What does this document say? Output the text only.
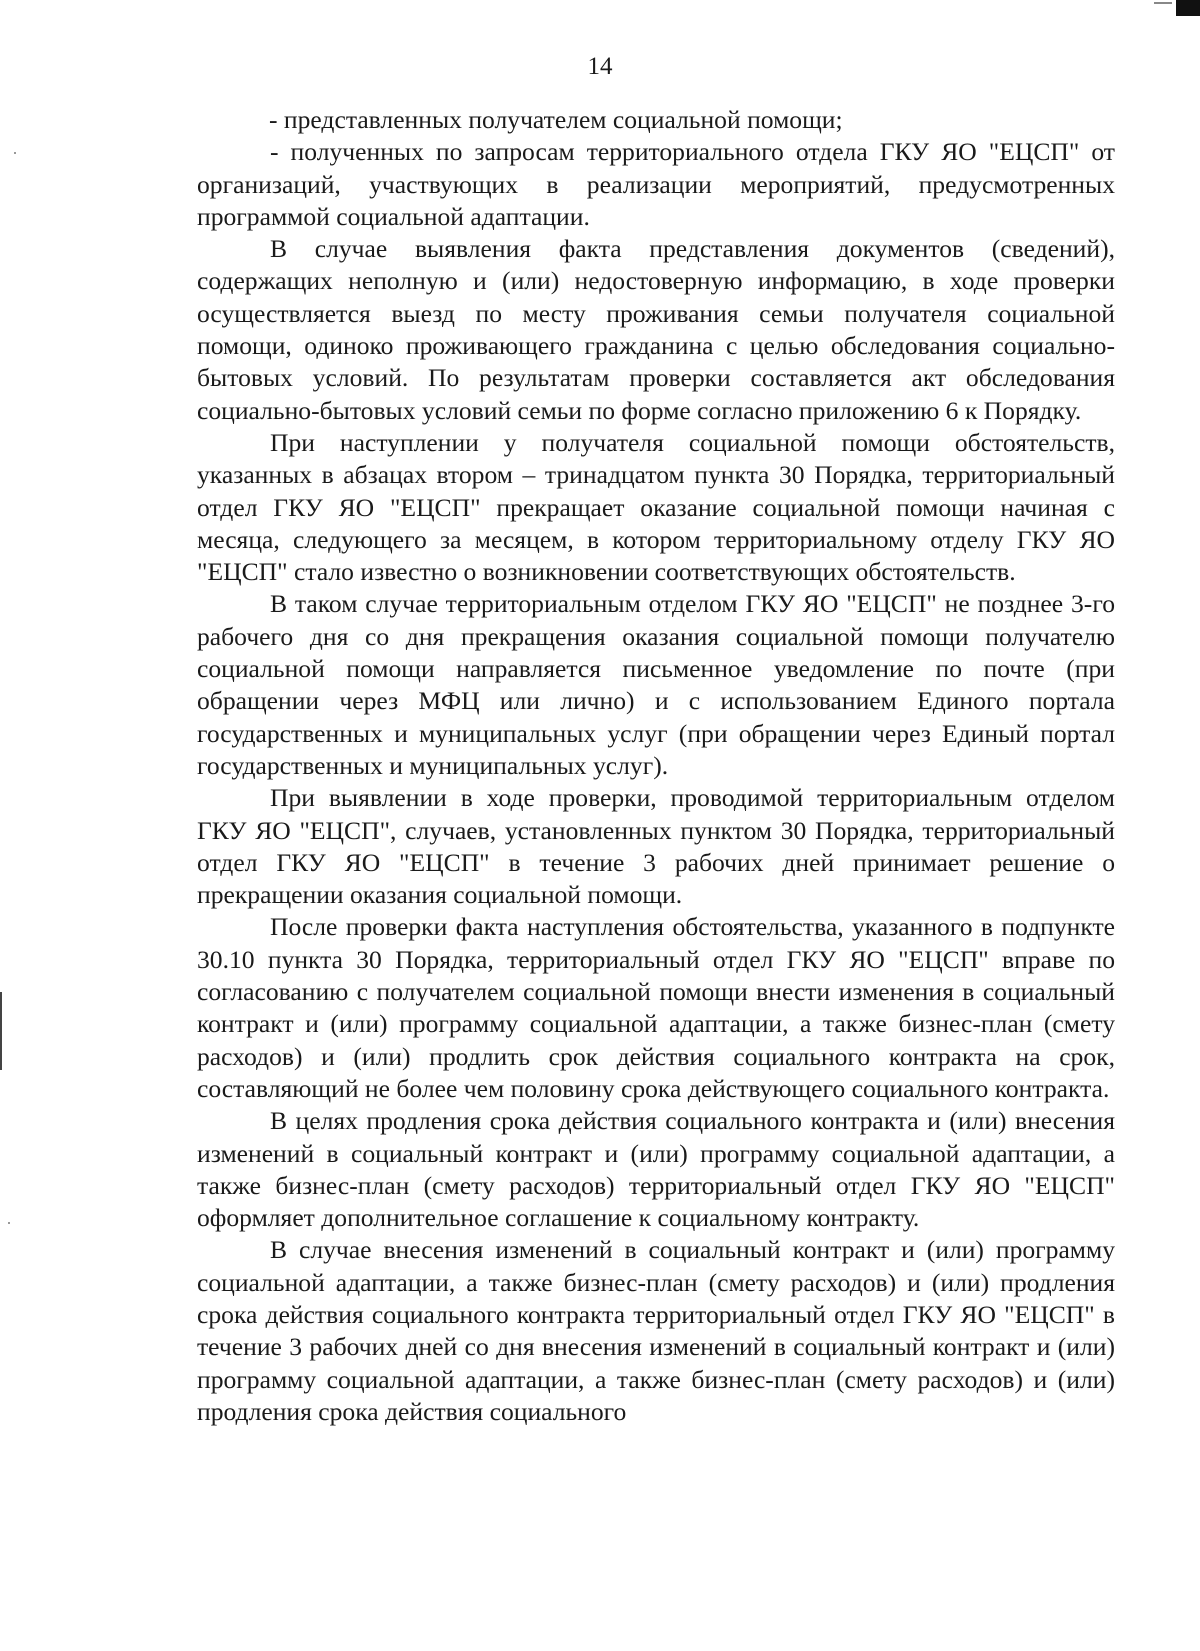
14

- представленных получателем социальной помощи;

- полученных по запросам территориального отдела ГКУ ЯО "ЕЦСП" от организаций, участвующих в реализации мероприятий, предусмотренных программой социальной адаптации.

В случае выявления факта представления документов (сведений), содержащих неполную и (или) недостоверную информацию, в ходе проверки осуществляется выезд по месту проживания семьи получателя социальной помощи, одиноко проживающего гражданина с целью обследования социально-бытовых условий. По результатам проверки составляется акт обследования социально-бытовых условий семьи по форме согласно приложению 6 к Порядку.

При наступлении у получателя социальной помощи обстоятельств, указанных в абзацах втором – тринадцатом пункта 30 Порядка, территориальный отдел ГКУ ЯО "ЕЦСП" прекращает оказание социальной помощи начиная с месяца, следующего за месяцем, в котором территориальному отделу ГКУ ЯО "ЕЦСП" стало известно о возникновении соответствующих обстоятельств.

В таком случае территориальным отделом ГКУ ЯО "ЕЦСП" не позднее 3-го рабочего дня со дня прекращения оказания социальной помощи получателю социальной помощи направляется письменное уведомление по почте (при обращении через МФЦ или лично) и с использованием Единого портала государственных и муниципальных услуг (при обращении через Единый портал государственных и муниципальных услуг).

При выявлении в ходе проверки, проводимой территориальным отделом ГКУ ЯО "ЕЦСП", случаев, установленных пунктом 30 Порядка, территориальный отдел ГКУ ЯО "ЕЦСП" в течение 3 рабочих дней принимает решение о прекращении оказания социальной помощи.

После проверки факта наступления обстоятельства, указанного в подпункте 30.10 пункта 30 Порядка, территориальный отдел ГКУ ЯО "ЕЦСП" вправе по согласованию с получателем социальной помощи внести изменения в социальный контракт и (или) программу социальной адаптации, а также бизнес-план (смету расходов) и (или) продлить срок действия социального контракта на срок, составляющий не более чем половину срока действующего социального контракта.

В целях продления срока действия социального контракта и (или) внесения изменений в социальный контракт и (или) программу социальной адаптации, а также бизнес-план (смету расходов) территориальный отдел ГКУ ЯО "ЕЦСП" оформляет дополнительное соглашение к социальному контракту.

В случае внесения изменений в социальный контракт и (или) программу социальной адаптации, а также бизнес-план (смету расходов) и (или) продления срока действия социального контракта территориальный отдел ГКУ ЯО "ЕЦСП" в течение 3 рабочих дней со дня внесения изменений в социальный контракт и (или) программу социальной адаптации, а также бизнес-план (смету расходов) и (или) продления срока действия социального
